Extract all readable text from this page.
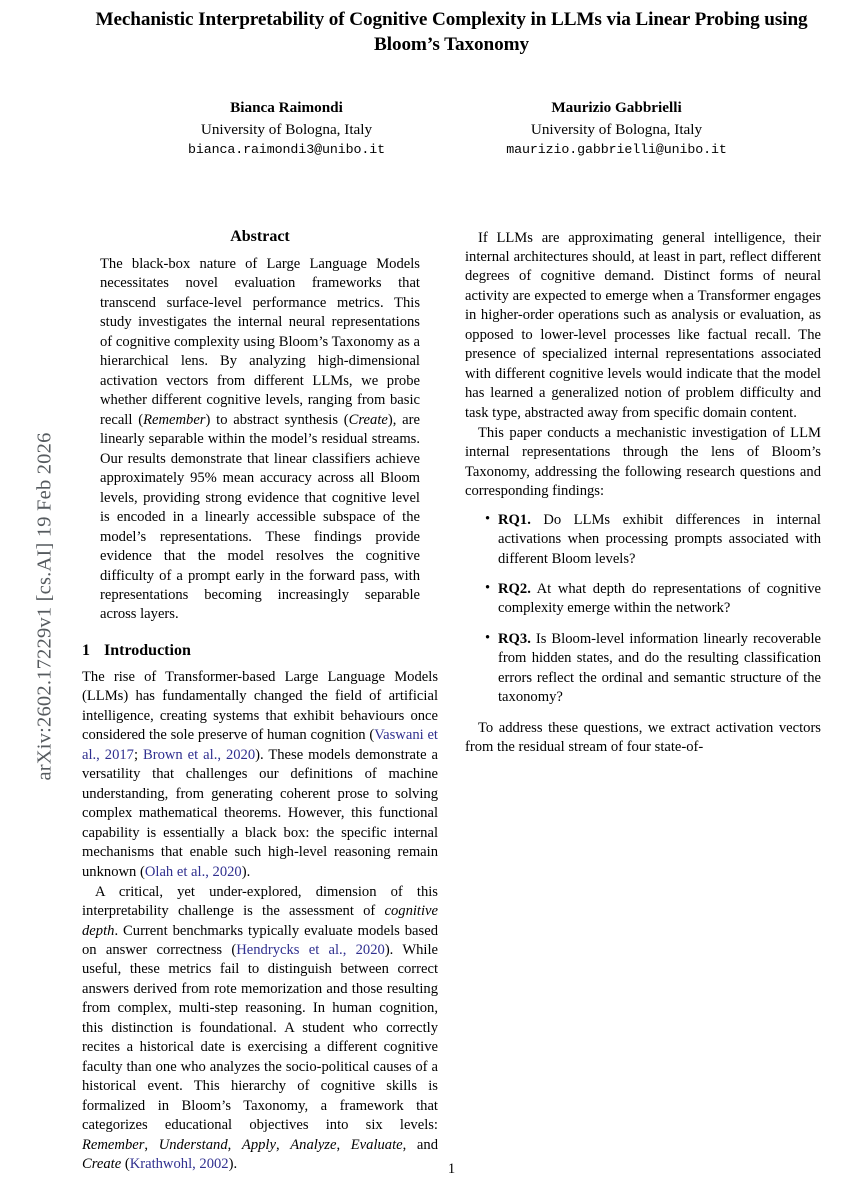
arXiv:2602.17229v1 [cs.AI] 19 Feb 2026
Mechanistic Interpretability of Cognitive Complexity in LLMs via Linear Probing using Bloom’s Taxonomy
Bianca Raimondi
University of Bologna, Italy
bianca.raimondi3@unibo.it
Maurizio Gabbrielli
University of Bologna, Italy
maurizio.gabbrielli@unibo.it
Abstract

The black-box nature of Large Language Models necessitates novel evaluation frameworks that transcend surface-level performance metrics. This study investigates the internal neural representations of cognitive complexity using Bloom’s Taxonomy as a hierarchical lens. By analyzing high-dimensional activation vectors from different LLMs, we probe whether different cognitive levels, ranging from basic recall (Remember) to abstract synthesis (Create), are linearly separable within the model’s residual streams. Our results demonstrate that linear classifiers achieve approximately 95% mean accuracy across all Bloom levels, providing strong evidence that cognitive level is encoded in a linearly accessible subspace of the model’s representations. These findings provide evidence that the model resolves the cognitive difficulty of a prompt early in the forward pass, with representations becoming increasingly separable across layers.

1 Introduction

The rise of Transformer-based Large Language Models (LLMs) has fundamentally changed the field of artificial intelligence, creating systems that exhibit behaviours once considered the sole preserve of human cognition (Vaswani et al., 2017; Brown et al., 2020). These models demonstrate a versatility that challenges our definitions of machine understanding, from generating coherent prose to solving complex mathematical theorems. However, this functional capability is essentially a black box: the specific internal mechanisms that enable such high-level reasoning remain unknown (Olah et al., 2020).

A critical, yet under-explored, dimension of this interpretability challenge is the assessment of cognitive depth. Current benchmarks typically evaluate models based on answer correctness (Hendrycks et al., 2020). While useful, these metrics fail to distinguish between correct answers derived from rote memorization and those resulting from complex, multi-step reasoning. In human cognition, this distinction is foundational. A student who correctly recites a historical date is exercising a different cognitive faculty than one who analyzes the socio-political causes of a historical event. This hierarchy of cognitive skills is formalized in Bloom’s Taxonomy, a framework that categorizes educational objectives into six levels: Remember, Understand, Apply, Analyze, Evaluate, and Create (Krathwohl, 2002).

If LLMs are approximating general intelligence, their internal architectures should, at least in part, reflect different degrees of cognitive demand. Distinct forms of neural activity are expected to emerge when a Transformer engages in higher-order operations such as analysis or evaluation, as opposed to lower-level processes like factual recall. The presence of specialized internal representations associated with different cognitive levels would indicate that the model has learned a generalized notion of problem difficulty and task type, abstracted away from specific domain content.

This paper conducts a mechanistic investigation of LLM internal representations through the lens of Bloom’s Taxonomy, addressing the following research questions and corresponding findings:

• RQ1. Do LLMs exhibit differences in internal activations when processing prompts associated with different Bloom levels?
• RQ2. At what depth do representations of cognitive complexity emerge within the network?
• RQ3. Is Bloom-level information linearly recoverable from hidden states, and do the resulting classification errors reflect the ordinal and semantic structure of the taxonomy?

To address these questions, we extract activation vectors from the residual stream of four state-of-

1
